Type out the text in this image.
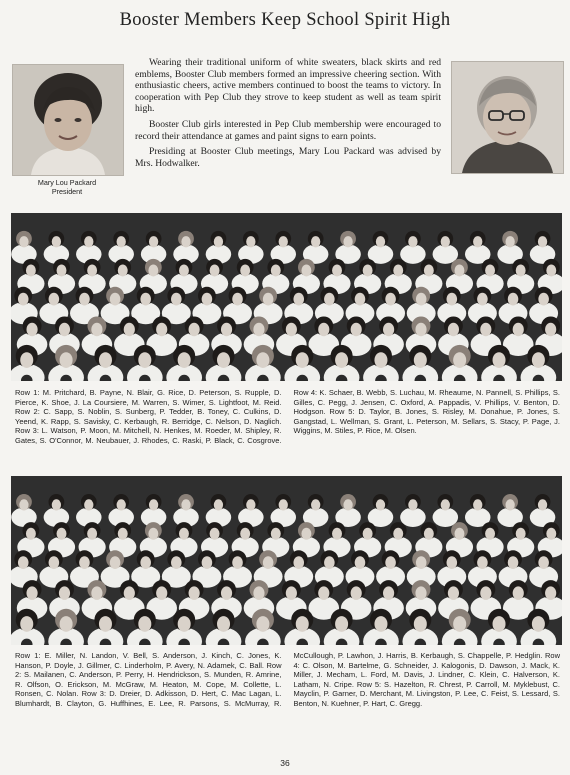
Booster Members Keep School Spirit High
Mary Lou Packard
President

Wearing their traditional uniform of white sweaters, black skirts and red emblems, Booster Club members formed an impressive cheering section. With enthusiastic cheers, active members continued to boost the teams to victory. In cooperation with Pep Club they strove to keep student as well as team spirit high.

Booster Club girls interested in Pep Club membership were encouraged to record their attendance at games and paint signs to earn points.

Presiding at Booster Club meetings, Mary Lou Packard was advised by Mrs. Hodwalker.

Row 1: M. Pritchard, B. Payne, N. Blair, G. Rice, D. Peterson, S. Rupple, D. Pierce, K. Shoe, J. La Coursiere, M. Warren, S. Wimer, S. Lightfoot, M. Reid. Row 2: C. Sapp, S. Noblin, S. Sunberg, P. Tedder, B. Toney, C. Culkins, D. Yeend, K. Rapp, S. Savisky, C. Kerbaugh, R. Berridge, C. Nelson, D. Naglich. Row 3: L. Watson, P. Moon, M. Mitchell, N. Henkes, M. Roeder, M. Shipley, R. Gates, S. O'Connor, M. Neubauer, J. Rhodes, C. Raski, P. Black, C. Cosgrove. Row 4: K. Schaer, B. Webb, S. Luchau, M. Rheaume, N. Pannell, S. Phillips, S. Gilles, C. Pegg, J. Jensen, C. Oxford, A. Pappadis, V. Phillips, V. Benton, D. Hodgson. Row 5: D. Taylor, B. Jones, S. Risley, M. Donahue, P. Jones, S. Gangstad, L. Wellman, S. Grant, L. Peterson, M. Sellars, S. Stacy, P. Page, J. Wiggins, M. Stiles, P. Rice, M. Olsen.
Row 1: E. Miller, N. Landon, V. Bell, S. Anderson, J. Kinch, C. Jones, K. Hanson, P. Doyle, J. Gillmer, C. Linderholm, P. Avery, N. Adamek, C. Ball. Row 2: S. Mailanen, C. Anderson, P. Perry, H. Hendrickson, S. Munden, R. Amrine, R. Olfson, O. Erickson, M. McGraw, M. Heaton, M. Cope, M. Collette, L. Ronsen, C. Nolan. Row 3: D. Dreier, D. Adkisson, D. Hert, C. Mac Lagan, L. Blumhardt, B. Clayton, G. Huffhines, E. Lee, R. Parsons, S. McMurray, R. McCullough, P. Lawhon, J. Harris, B. Kerbaugh, S. Chappelle, P. Hedglin. Row 4: C. Olson, M. Bartelme, G. Schneider, J. Kalogonis, D. Dawson, J. Mack, K. Miller, J. Mecham, L. Ford, M. Davis, J. Lindner, C. Klein, C. Halverson, K. Latham, N. Cripe. Row 5: S. Hazelton, R. Chrest, P. Carroll, M. Myklebust, C. Mayclin, P. Garner, D. Merchant, M. Livingston, P. Lee, C. Feist, S. Lessard, S. Benton, N. Kuehner, P. Hart, C. Gregg.
36
